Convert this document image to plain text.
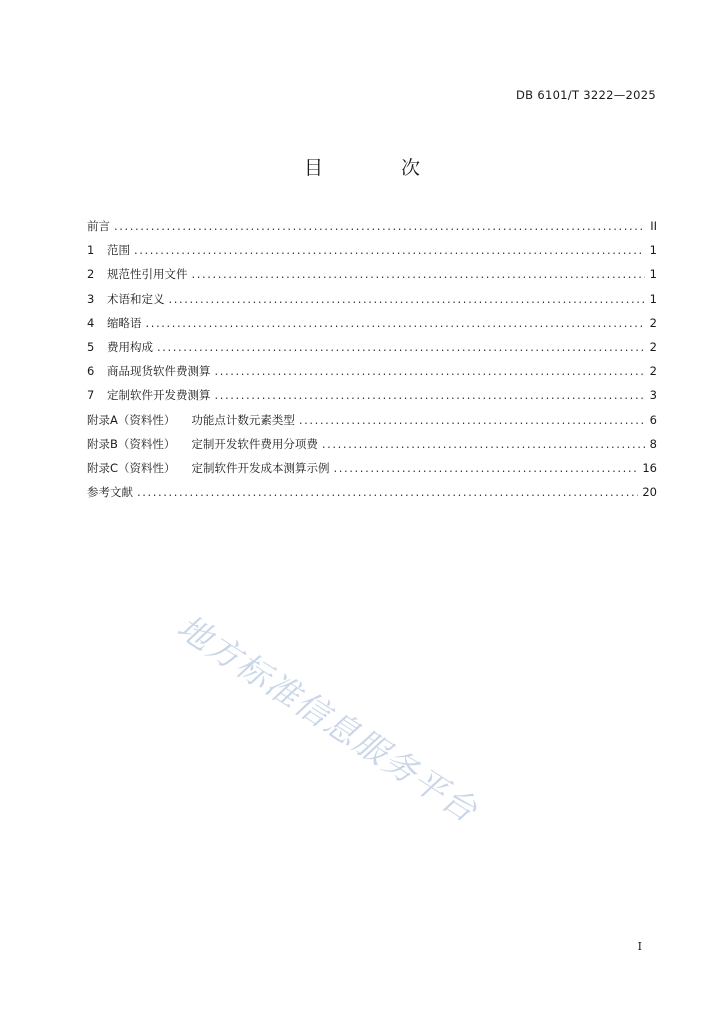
DB 6101/T 3222—2025
目 次
前言 .....	II
1	范围 .....	1
2	规范性引用文件 .....	1
3	术语和定义 .....	1
4	缩略语 .....	2
5	费用构成 .....	2
6	商品现货软件费测算 .....	2
7	定制软件开发费测算 .....	3
附录A（资料性） 功能点计数元素类型 .....	6
附录B（资料性） 定制开发软件费用分项费 .....	8
附录C（资料性） 定制软件开发成本测算示例 .....	16
参考文献 .....	20
地方标准信息服务平台
I
